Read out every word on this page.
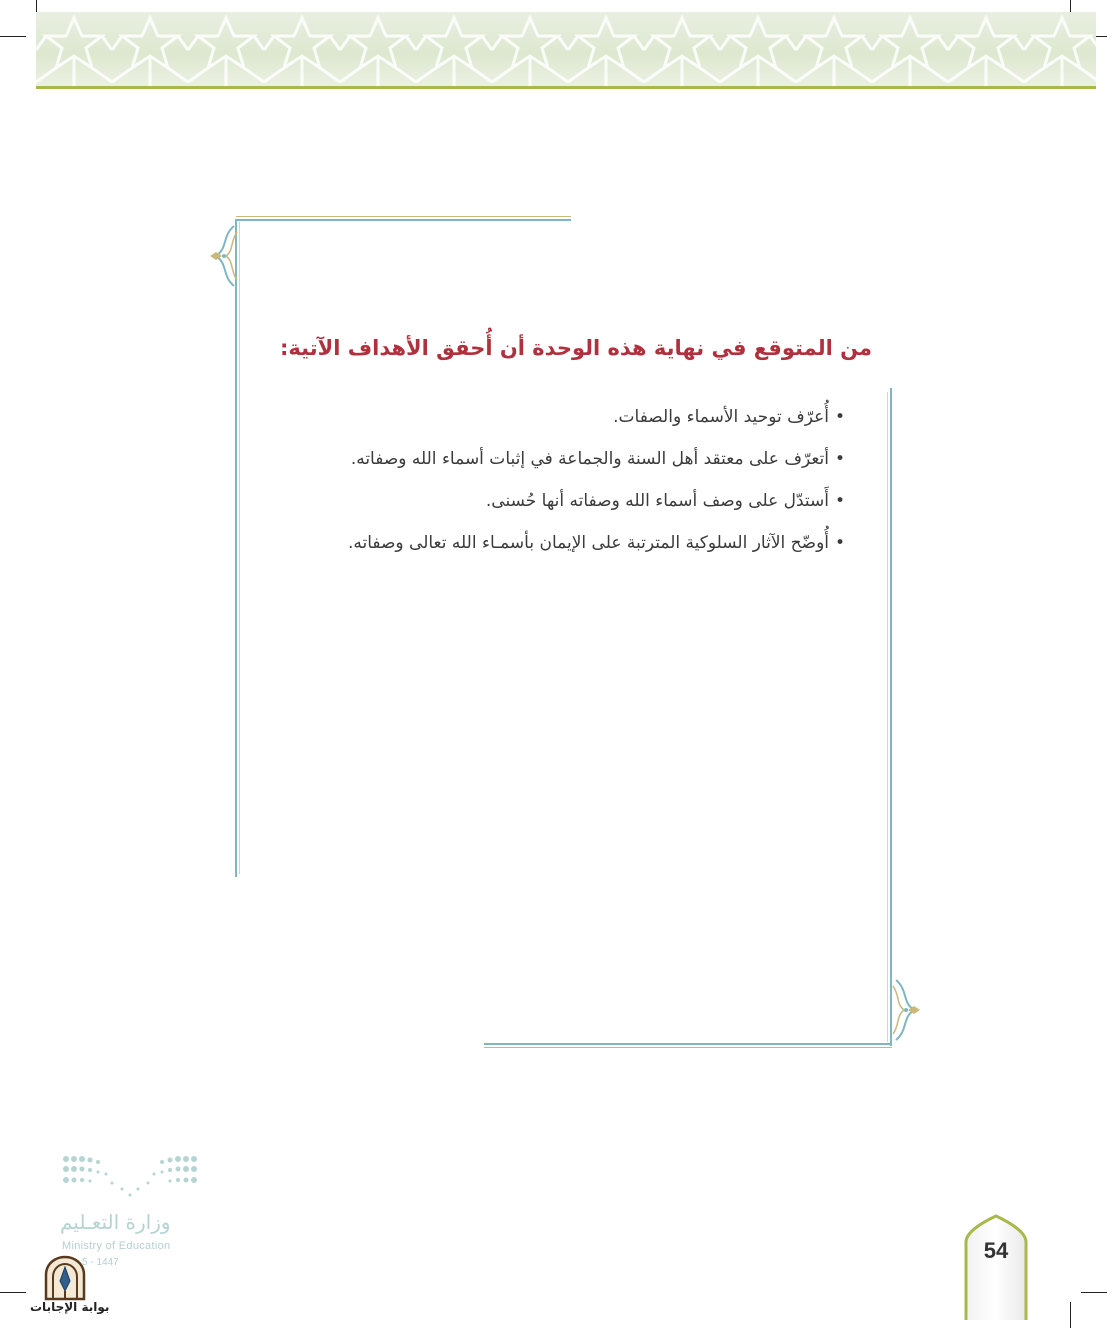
من المتوقع في نهاية هذه الوحدة أن أُحقق الأهداف الآتية:
•
أُعرّف توحيد الأسماء والصفات.
•
أتعرّف على معتقد أهل السنة والجماعة في إثبات أسماء الله وصفاته.
•
أَستدّل على وصف أسماء الله وصفاته أنها حُسنى.
•
أُوضّح الآثار السلوكية المترتبة على الإيمان بأسمـاء الله تعالى وصفاته.
وزارة التعـليم
Ministry of Education
5 - 1447
بوابة الإجابات
54
